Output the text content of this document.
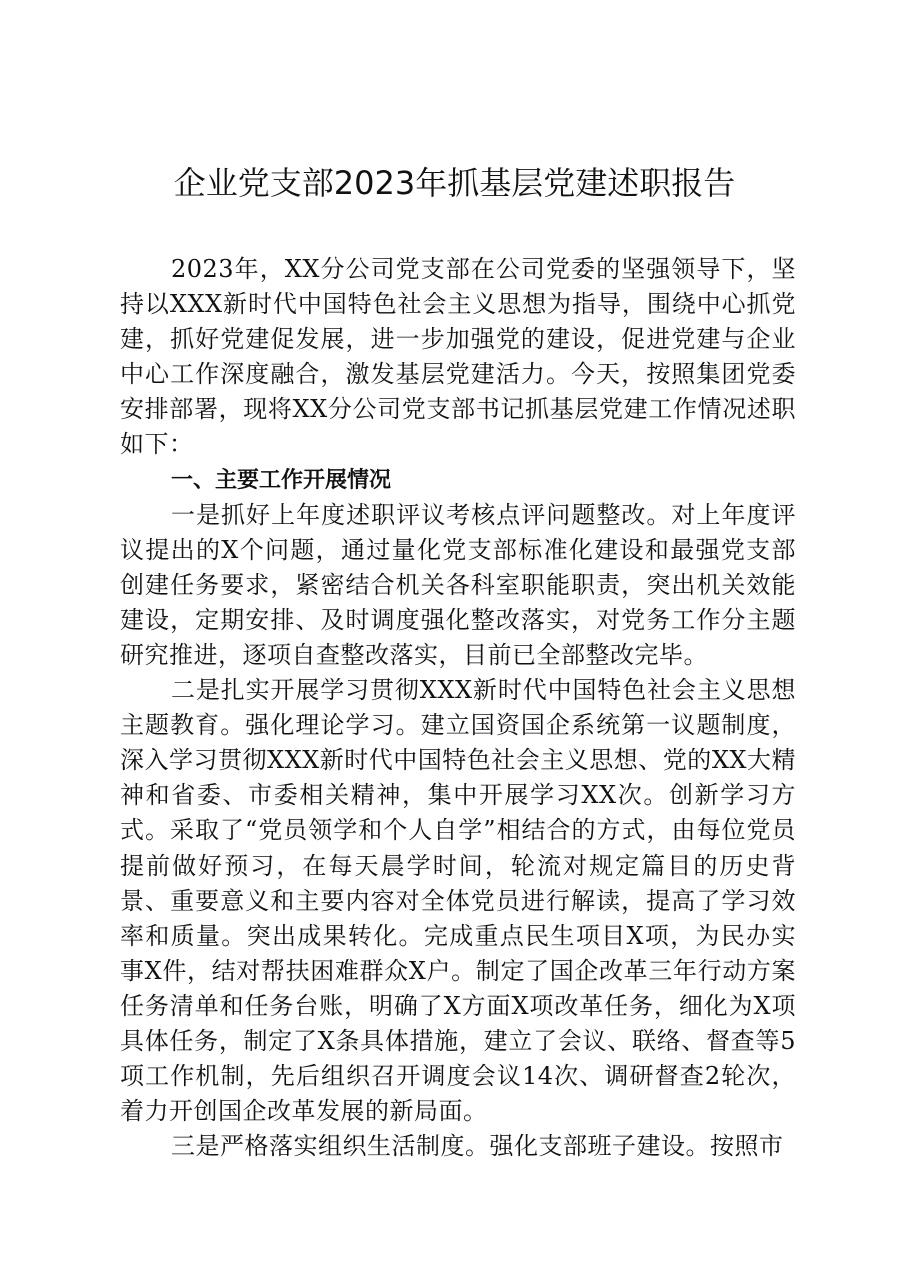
企业党支部2023年抓基层党建述职报告

2023年，XX分公司党支部在公司党委的坚强领导下，坚持以XXX新时代中国特色社会主义思想为指导，围绕中心抓党建，抓好党建促发展，进一步加强党的建设，促进党建与企业中心工作深度融合，激发基层党建活力。今天，按照集团党委安排部署，现将XX分公司党支部书记抓基层党建工作情况述职如下：

一、主要工作开展情况

一是抓好上年度述职评议考核点评问题整改。对上年度评议提出的X个问题，通过量化党支部标准化建设和最强党支部创建任务要求，紧密结合机关各科室职能职责，突出机关效能建设，定期安排、及时调度强化整改落实，对党务工作分主题研究推进，逐项自查整改落实，目前已全部整改完毕。

二是扎实开展学习贯彻XXX新时代中国特色社会主义思想主题教育。强化理论学习。建立国资国企系统第一议题制度，深入学习贯彻XXX新时代中国特色社会主义思想、党的XX大精神和省委、市委相关精神，集中开展学习XX次。创新学习方式。采取了“党员领学和个人自学”相结合的方式，由每位党员提前做好预习，在每天晨学时间，轮流对规定篇目的历史背景、重要意义和主要内容对全体党员进行解读，提高了学习效率和质量。突出成果转化。完成重点民生项目X项，为民办实事X件，结对帮扶困难群众X户。制定了国企改革三年行动方案任务清单和任务台账，明确了X方面X项改革任务，细化为X项具体任务，制定了X条具体措施，建立了会议、联络、督查等5项工作机制，先后组织召开调度会议14次、调研督查2轮次，着力开创国企改革发展的新局面。

三是严格落实组织生活制度。强化支部班子建设。按照市
